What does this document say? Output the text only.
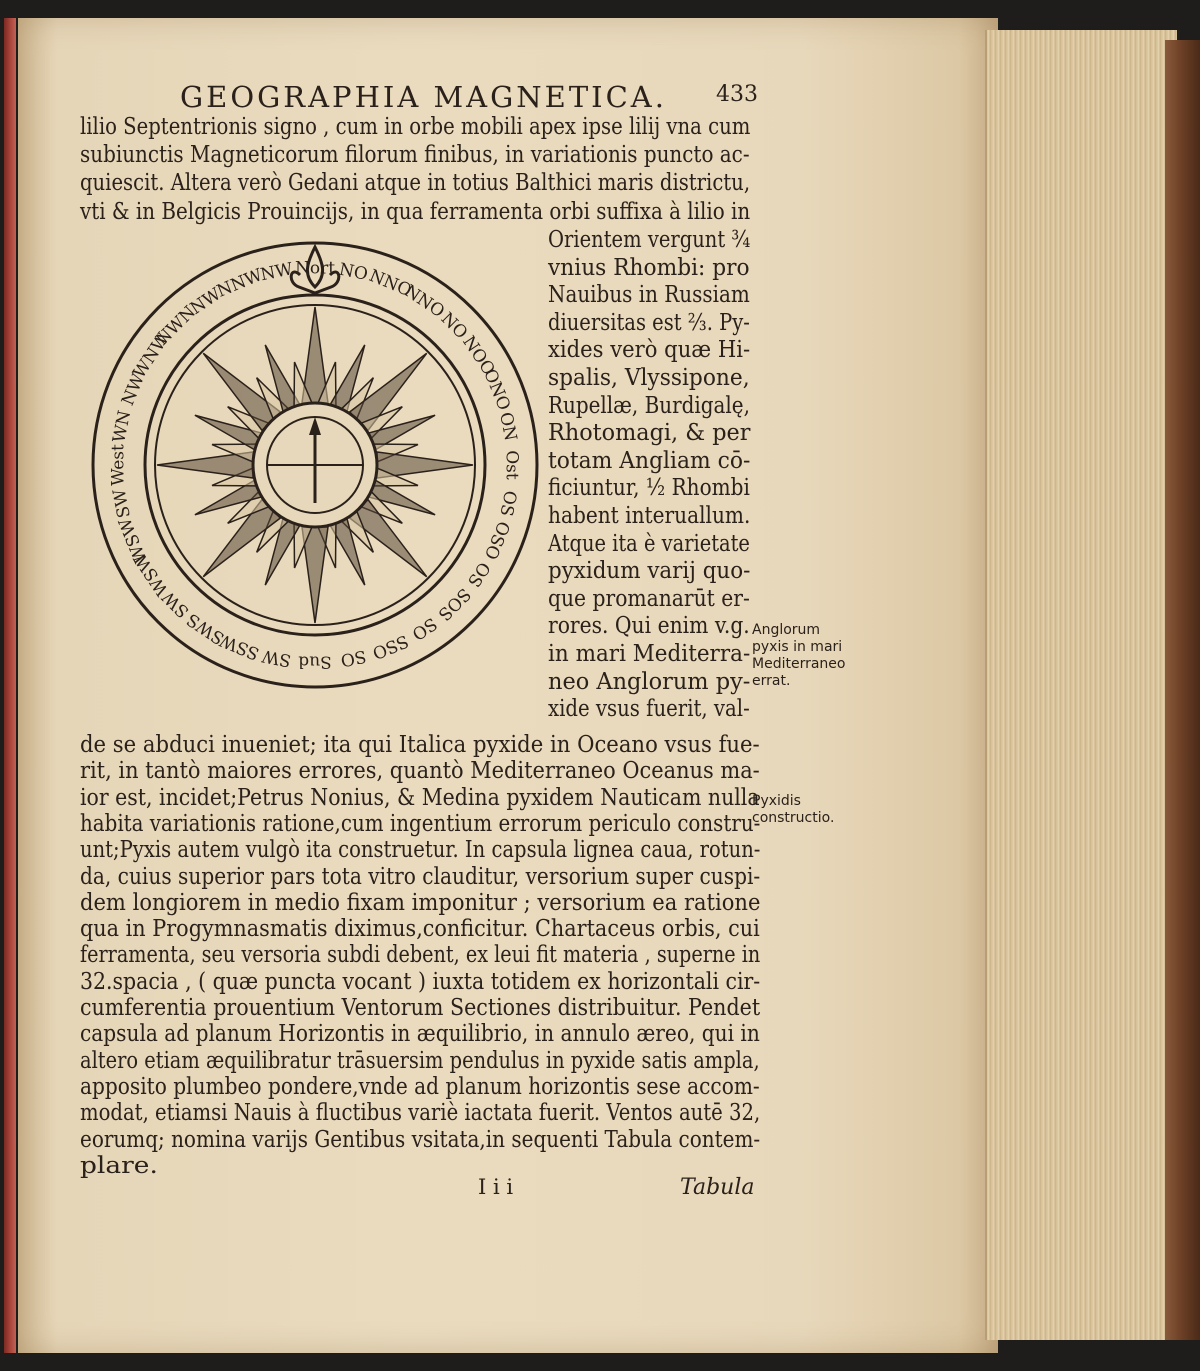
GEOGRAPHIA MAGNETICA. 433
lilio Septentrionis signo , cum in orbe mobili apex ipse lilij vna cum
subiunctis Magneticorum filorum finibus, in variationis puncto ac-
quiescit. Altera verò Gedani atque in totius Balthici maris districtu,
vti & in Belgicis Prouincijs, in qua ferramenta orbi suffixa à lilio in
Orientem vergunt ¾
vnius Rhombi: pro
Nauibus in Russiam
diuersitas est ⅔. Py-
xides verò quæ Hi-
spalis, Vlyssipone,
Rupellæ, Burdigalę,
Rhotomagi, & per
totam Angliam cō-
ficiuntur, ½ Rhombi
habent interuallum.
Atque ita è varietate
pyxidum varij quo-
que promanarūt er-
rores. Qui enim v.g.
in mari Mediterra-
neo Anglorum py-
xide vsus fuerit, val-
de se abduci inueniet; ita qui Italica pyxide in Oceano vsus fue-
rit, in tantò maiores errores, quantò Mediterraneo Oceanus ma-
ior est, incidet;Petrus Nonius, & Medina pyxidem Nauticam nulla
habita variationis ratione,cum ingentium errorum periculo constru-
unt;Pyxis autem vulgò ita construetur. In capsula lignea caua, rotun-
da, cuius superior pars tota vitro clauditur, versorium super cuspi-
dem longiorem in medio fixam imponitur ; versorium ea ratione
qua in Progymnasmatis diximus,conficitur. Chartaceus orbis, cui
ferramenta, seu versoria subdi debent, ex leui fit materia , superne in
32.spacia , ( quæ puncta vocant ) iuxta totidem ex horizontali cir-
cumferentia prouentium Ventorum Sectiones distribuitur. Pendet
capsula ad planum Horizontis in æquilibrio, in annulo æreo, qui in
altero etiam æquilibratur trāsuersim pendulus in pyxide satis ampla,
apposito plumbeo pondere,vnde ad planum horizontis sese accom-
modat, etiamsi Nauis à fluctibus variè iactata fuerit. Ventos autē 32,
eorumq; nomina varijs Gentibus vsitata,in sequenti Tabula contem-
plare.
Anglorum pyxis in mari Mediterraneo errat.
Pyxidis constructio.
I i i	Tabula
Nort NO
NNO
NNO
NO
NOO
ONO
ON
Ost
OS
OSO
OS
SOS
SO
SSO
SO
Sud
SW
SSW
SWS
SW
WSW
WSW
SW
West
WN
NW
WNW
NWN
NW
NNW
NW
